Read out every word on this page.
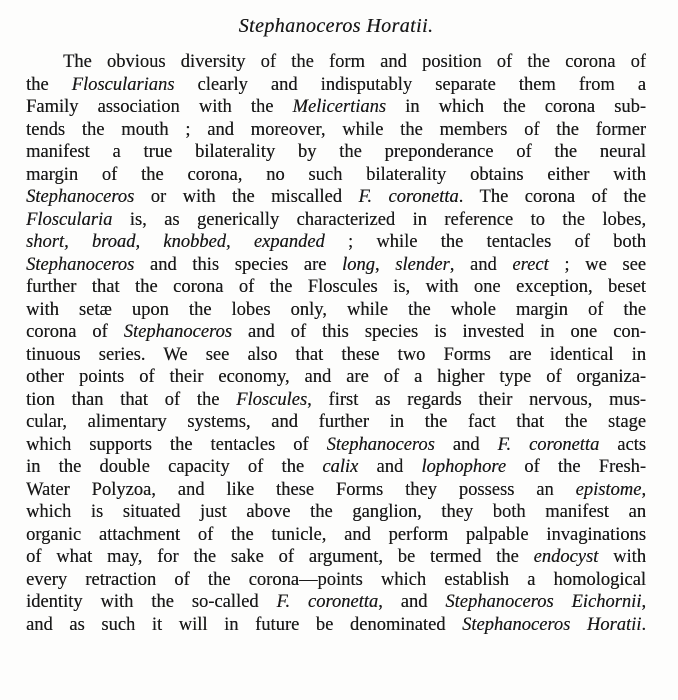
Stephanoceros Horatii.
The obvious diversity of the form and position of the corona of
the Floscularians clearly and indisputably separate them from a
Family association with the Melicertians in which the corona sub-
tends the mouth ; and moreover, while the members of the former
manifest a true bilaterality by the preponderance of the neural
margin of the corona, no such bilaterality obtains either with
Stephanoceros or with the miscalled F. coronetta. The corona of the
Floscularia is, as generically characterized in reference to the lobes,
short, broad, knobbed, expanded ; while the tentacles of both
Stephanoceros and this species are long, slender, and erect ; we see
further that the corona of the Floscules is, with one exception, beset
with setæ upon the lobes only, while the whole margin of the
corona of Stephanoceros and of this species is invested in one con-
tinuous series. We see also that these two Forms are identical in
other points of their economy, and are of a higher type of organiza-
tion than that of the Floscules, first as regards their nervous, mus-
cular, alimentary systems, and further in the fact that the stage
which supports the tentacles of Stephanoceros and F. coronetta acts
in the double capacity of the calix and lophophore of the Fresh-
Water Polyzoa, and like these Forms they possess an epistome,
which is situated just above the ganglion, they both manifest an
organic attachment of the tunicle, and perform palpable invaginations
of what may, for the sake of argument, be termed the endocyst with
every retraction of the corona—points which establish a homological
identity with the so-called F. coronetta, and Stephanoceros Eichornii,
and as such it will in future be denominated Stephanoceros Horatii.
